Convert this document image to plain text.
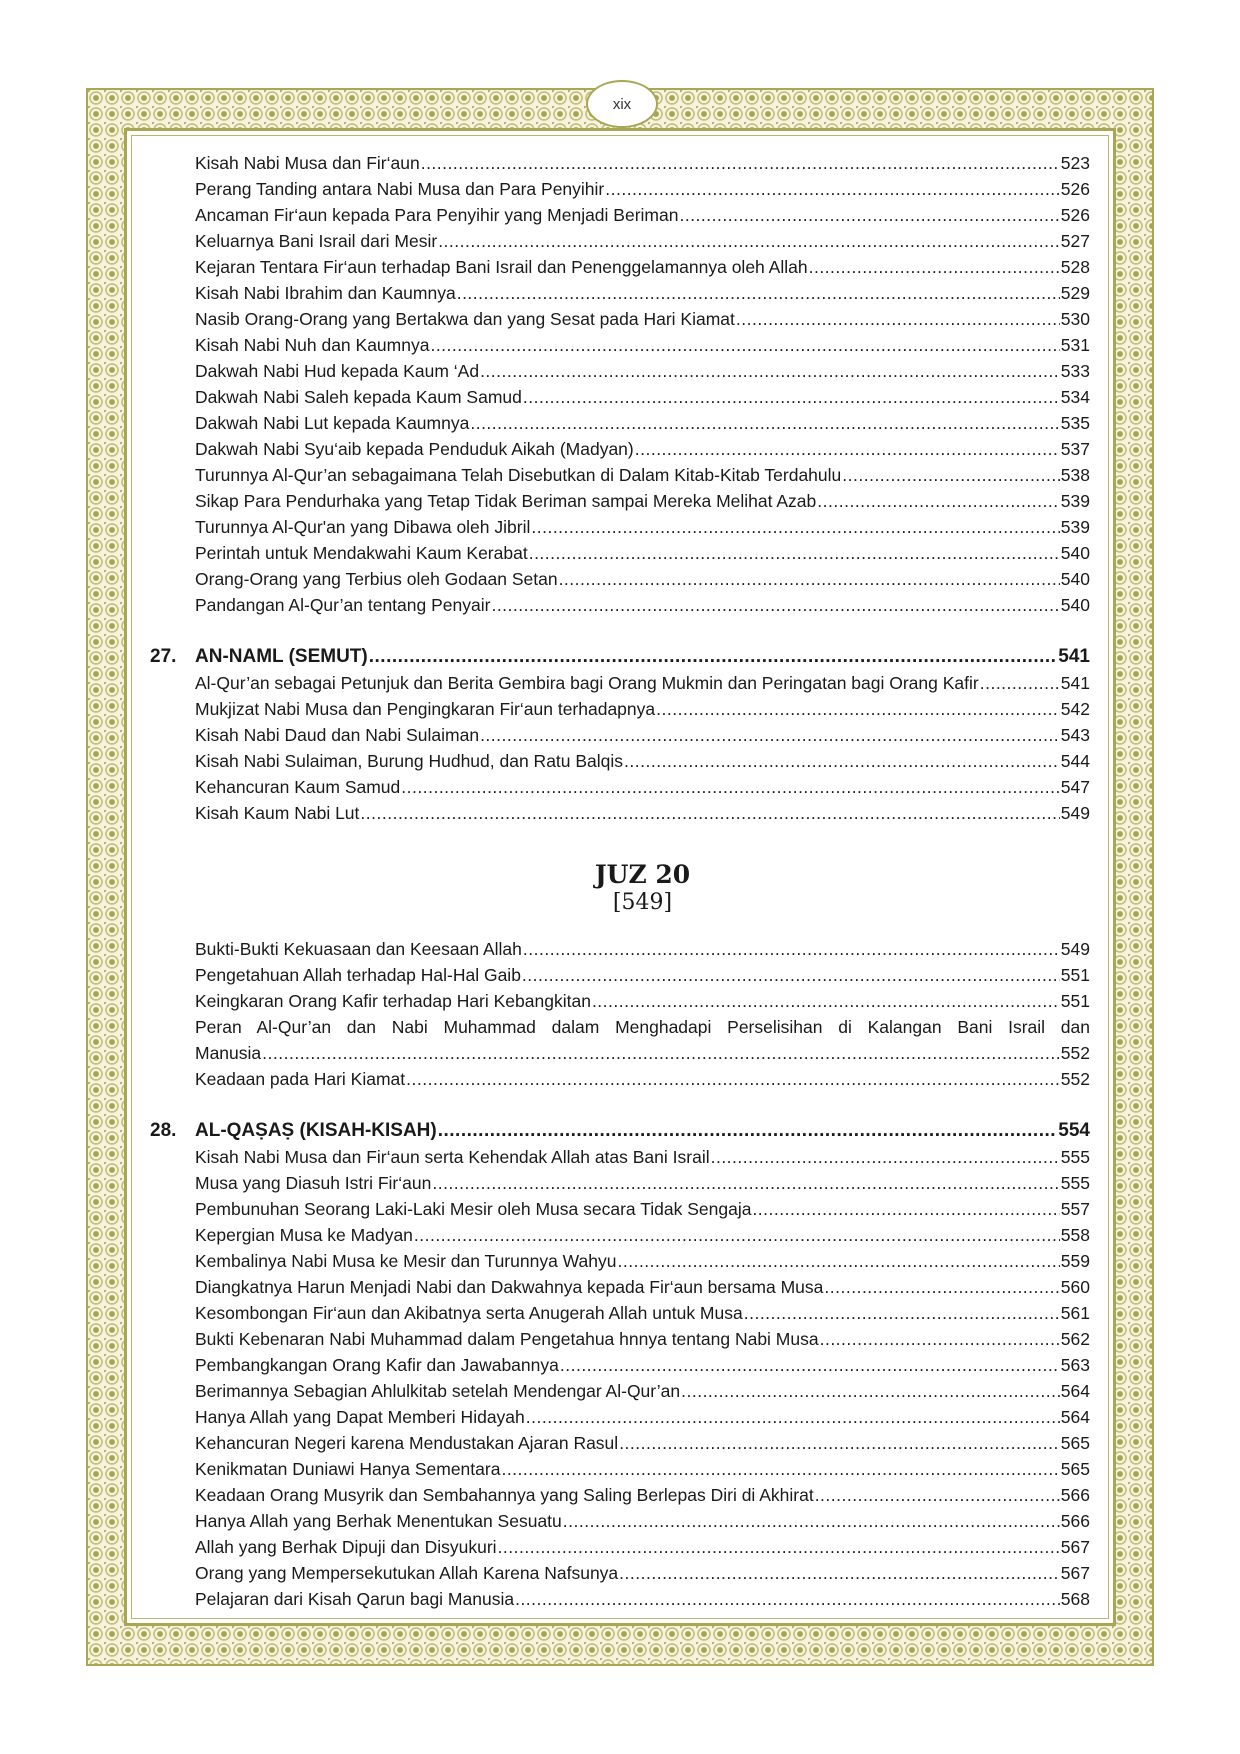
xix
Kisah Nabi Musa dan Fir‘aun .....	523
Perang Tanding antara Nabi Musa dan Para Penyihir .....	526
Ancaman Fir‘aun kepada Para Penyihir yang Menjadi Beriman .....	526
Keluarnya Bani Israil dari Mesir .....	527
Kejaran Tentara Fir‘aun terhadap Bani Israil dan Penenggelamannya oleh Allah .....	528
Kisah Nabi Ibrahim dan Kaumnya .....	529
Nasib Orang-Orang yang Bertakwa dan yang Sesat pada Hari Kiamat .....	530
Kisah Nabi Nuh dan Kaumnya .....	531
Dakwah Nabi Hud kepada Kaum ‘Ad .....	533
Dakwah Nabi Saleh kepada Kaum Samud .....	534
Dakwah Nabi Lut kepada Kaumnya .....	535
Dakwah Nabi Syu‘aib kepada Penduduk Aikah (Madyan) .....	537
Turunnya Al-Qur’an sebagaimana Telah Disebutkan di Dalam Kitab-Kitab Terdahulu .....	538
Sikap Para Pendurhaka yang Tetap Tidak Beriman sampai Mereka Melihat Azab .....	539
Turunnya Al-Qur'an yang Dibawa oleh Jibril .....	539
Perintah untuk Mendakwahi Kaum Kerabat .....	540
Orang-Orang yang Terbius oleh Godaan Setan .....	540
Pandangan Al-Qur’an tentang Penyair .....	540
27. AN-NAML (SEMUT) .....	541
Al-Qur’an sebagai Petunjuk dan Berita Gembira bagi Orang Mukmin dan Peringatan bagi Orang Kafir .....	541
Mukjizat Nabi Musa dan Pengingkaran Fir‘aun terhadapnya .....	542
Kisah Nabi Daud dan Nabi Sulaiman .....	543
Kisah Nabi Sulaiman, Burung Hudhud, dan Ratu Balqis .....	544
Kehancuran Kaum Samud .....	547
Kisah Kaum Nabi Lut .....	549
JUZ 20
[549]
Bukti-Bukti Kekuasaan dan Keesaan Allah .....	549
Pengetahuan Allah terhadap Hal-Hal Gaib .....	551
Keingkaran Orang Kafir terhadap Hari Kebangkitan .....	551
Peran Al-Qur’an dan Nabi Muhammad dalam Menghadapi Perselisihan di Kalangan Bani Israil dan
Manusia .....	552
Keadaan pada Hari Kiamat .....	552
28. AL-QAṢAṢ (KISAH-KISAH) .....	554
Kisah Nabi Musa dan Fir‘aun serta Kehendak Allah atas Bani Israil .....	555
Musa yang Diasuh Istri Fir‘aun .....	555
Pembunuhan Seorang Laki-Laki Mesir oleh Musa secara Tidak Sengaja .....	557
Kepergian Musa ke Madyan .....	558
Kembalinya Nabi Musa ke Mesir dan Turunnya Wahyu .....	559
Diangkatnya Harun Menjadi Nabi dan Dakwahnya kepada Fir‘aun bersama Musa .....	560
Kesombongan Fir‘aun dan Akibatnya serta Anugerah Allah untuk Musa .....	561
Bukti Kebenaran Nabi Muhammad dalam Pengetahua hnnya tentang Nabi Musa .....	562
Pembangkangan Orang Kafir dan Jawabannya .....	563
Berimannya Sebagian Ahlulkitab setelah Mendengar Al-Qur’an .....	564
Hanya Allah yang Dapat Memberi Hidayah .....	564
Kehancuran Negeri karena Mendustakan Ajaran Rasul .....	565
Kenikmatan Duniawi Hanya Sementara .....	565
Keadaan Orang Musyrik dan Sembahannya yang Saling Berlepas Diri di Akhirat .....	566
Hanya Allah yang Berhak Menentukan Sesuatu .....	566
Allah yang Berhak Dipuji dan Disyukuri .....	567
Orang yang Mempersekutukan Allah Karena Nafsunya .....	567
Pelajaran dari Kisah Qarun bagi Manusia .....	568
